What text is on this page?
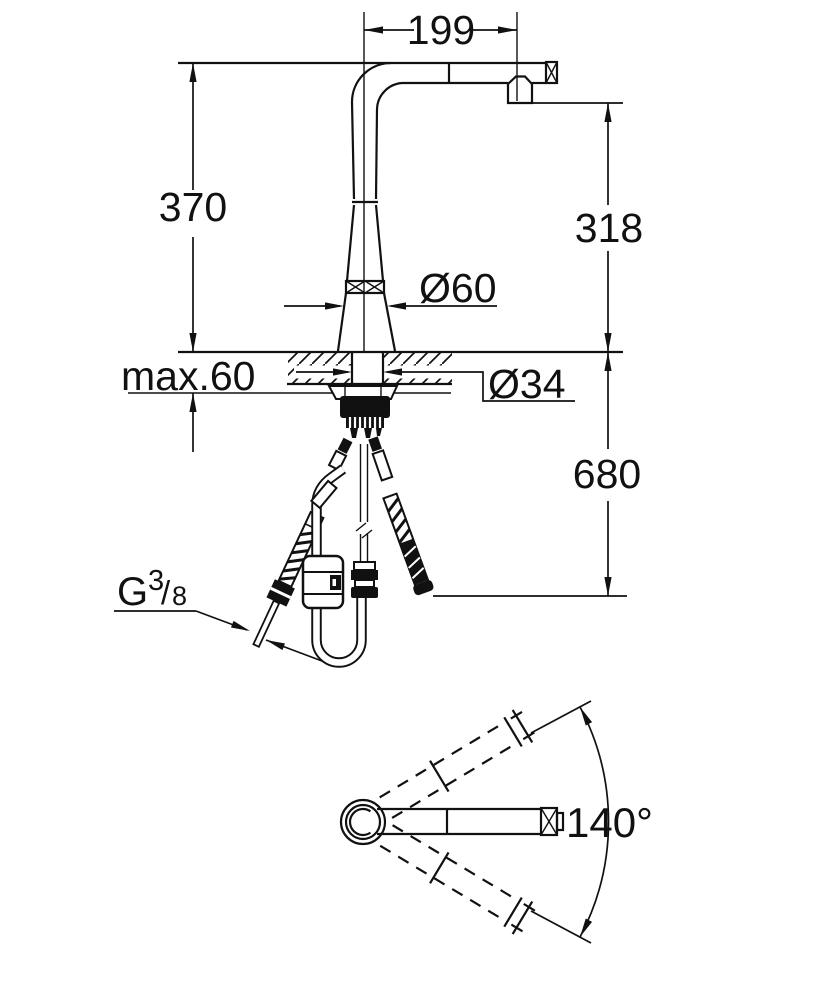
199
370	318
Ø60
max.60	Ø34
680
G 3 / 8
140°
